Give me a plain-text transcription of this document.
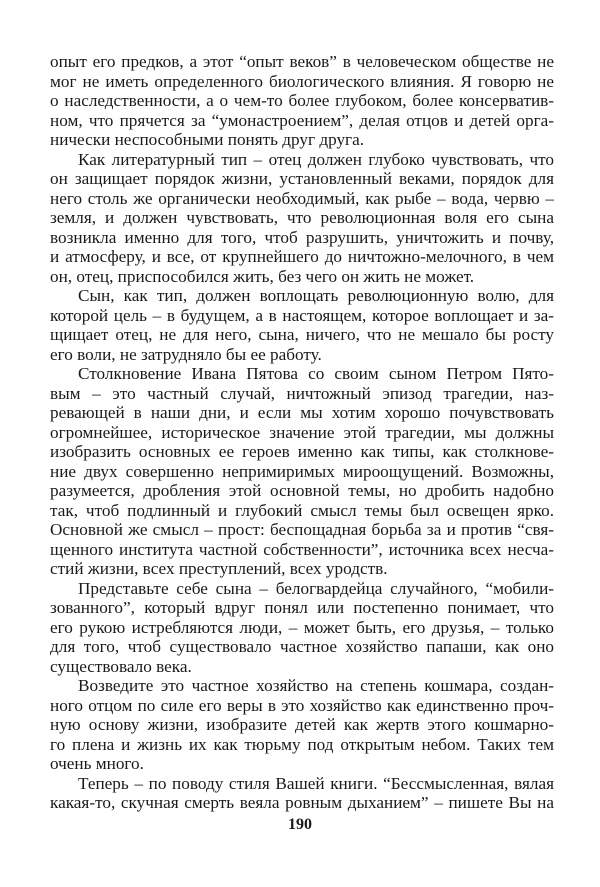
опыт его предков, а этот “опыт веков” в человеческом обществе не
мог не иметь определенного биологического влияния. Я говорю не
о наследственности, а о чем-то более глубоком, более консерватив-
ном, что прячется за “умонастроением”, делая отцов и детей орга-
нически неспособными понять друг друга.
Как литературный тип – отец должен глубоко чувствовать, что
он защищает порядок жизни, установленный веками, порядок для
него столь же органически необходимый, как рыбе – вода, червю –
земля, и должен чувствовать, что революционная воля его сына
возникла именно для того, чтоб разрушить, уничтожить и почву,
и атмосферу, и все, от крупнейшего до ничтожно-мелочного, в чем
он, отец, приспособился жить, без чего он жить не может.
Сын, как тип, должен воплощать революционную волю, для
которой цель – в будущем, а в настоящем, которое воплощает и за-
щищает отец, не для него, сына, ничего, что не мешало бы росту
его воли, не затрудняло бы ее работу.
Столкновение Ивана Пятова со своим сыном Петром Пято-
вым – это частный случай, ничтожный эпизод трагедии, наз-
ревающей в наши дни, и если мы хотим хорошо почувствовать
огромнейшее, историческое значение этой трагедии, мы должны
изобразить основных ее героев именно как типы, как столкнове-
ние двух совершенно непримиримых мироощущений. Возможны,
разумеется, дробления этой основной темы, но дробить надобно
так, чтоб подлинный и глубокий смысл темы был освещен ярко.
Основной же смысл – прост: беспощадная борьба за и против “свя-
щенного института частной собственности”, источника всех несча-
стий жизни, всех преступлений, всех уродств.
Представьте себе сына – белогвардейца случайного, “мобили-
зованного”, который вдруг понял или постепенно понимает, что
его рукою истребляются люди, – может быть, его друзья, – только
для того, чтоб существовало частное хозяйство папаши, как оно
существовало века.
Возведите это частное хозяйство на степень кошмара, создан-
ного отцом по силе его веры в это хозяйство как единственно проч-
ную основу жизни, изобразите детей как жертв этого кошмарно-
го плена и жизнь их как тюрьму под открытым небом. Таких тем
очень много.
Теперь – по поводу стиля Вашей книги. “Бессмысленная, вялая
какая-то, скучная смерть веяла ровным дыханием” – пишете Вы на
190
